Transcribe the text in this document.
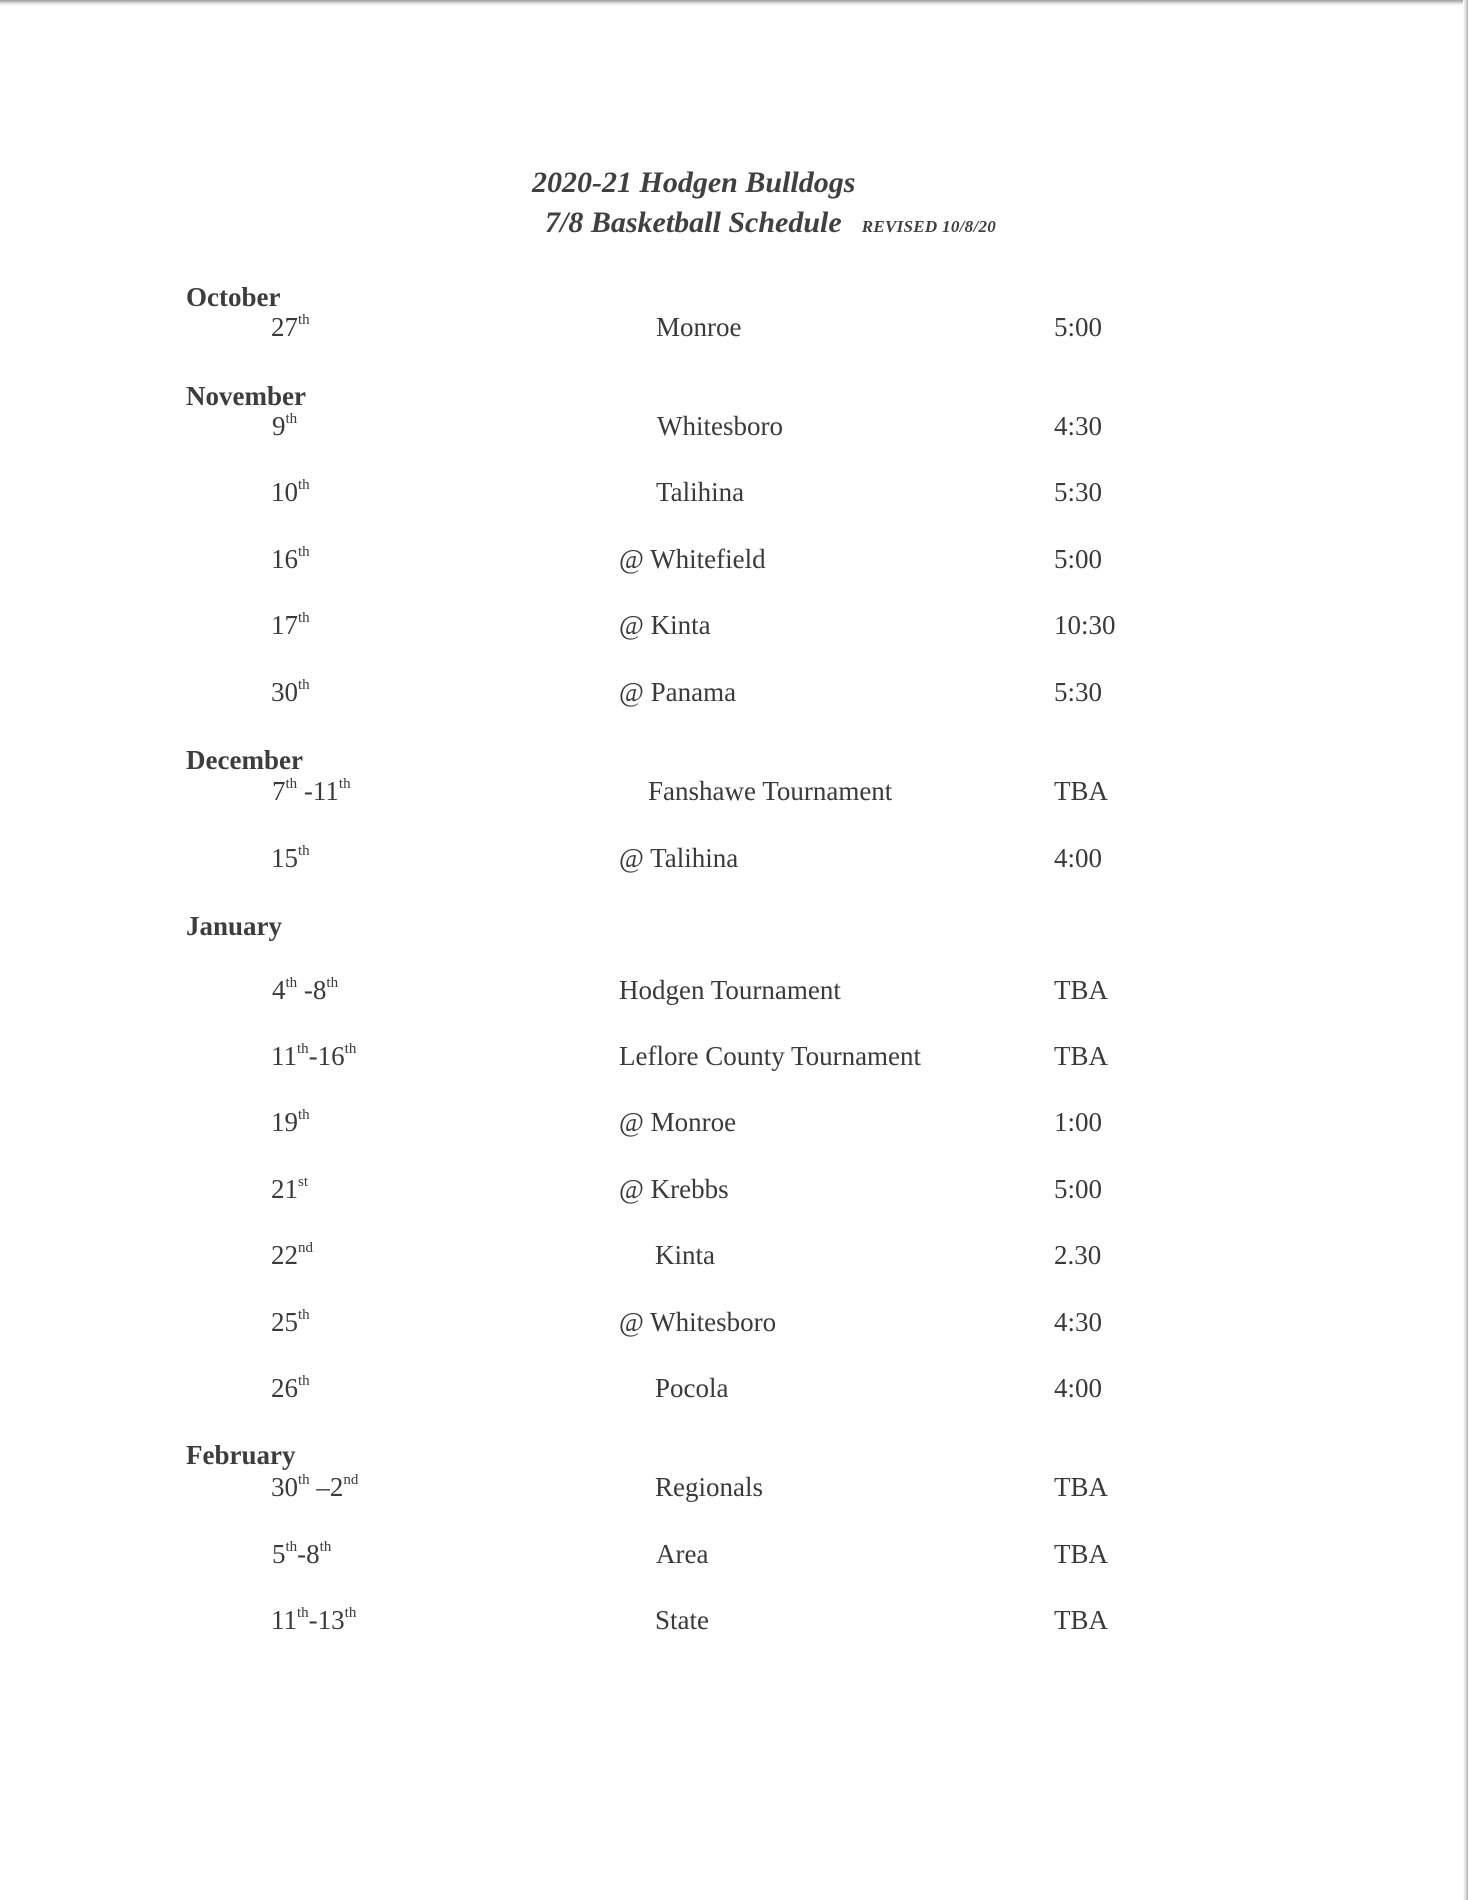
2020-21 Hodgen Bulldogs
7/8 Basketball Schedule REVISED 10/8/20
October
27th	Monroe	5:00
November
9th	Whitesboro	4:30
10th	Talihina	5:30
16th	@ Whitefield	5:00
17th	@ Kinta	10:30
30th	@ Panama	5:30
December
7th -11th	Fanshawe Tournament	TBA
15th	@ Talihina	4:00
January
4th -8th	Hodgen Tournament	TBA
11th-16th	Leflore County Tournament	TBA
19th	@ Monroe	1:00
21st	@ Krebbs	5:00
22nd	Kinta	2.30
25th	@ Whitesboro	4:30
26th	Pocola	4:00
February
30th –2nd	Regionals	TBA
5th-8th	Area	TBA
11th-13th	State	TBA
